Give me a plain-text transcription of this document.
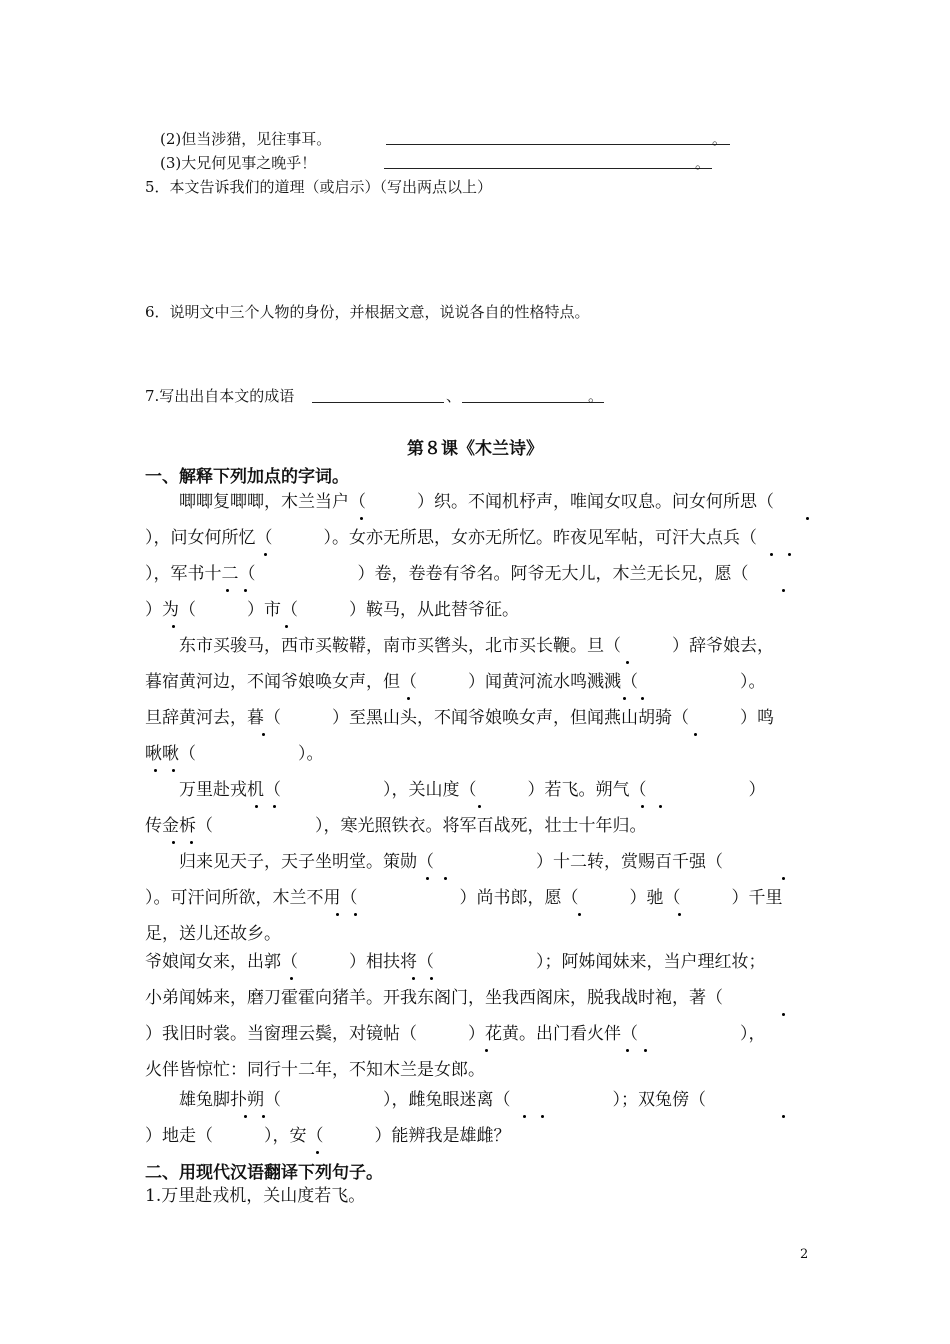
(2)但当涉猎，见往事耳。	。
(3)大兄何见事之晚乎！	。
5．本文告诉我们的道理（或启示）（写出两点以上）
6．说明文中三个人物的身份，并根据文意，说说各自的性格特点。
7.写出出自本文的成语	、	。
第８课《木兰诗》
一、解释下列加点的字词。
　　唧唧复唧唧，木兰当户（　　　）织。不闻机杼声，唯闻女叹息。问女何所思（
），问女何所忆（　　　）。女亦无所思，女亦无所忆。昨夜见军帖，可汗大点兵（
），军书十二（　　　　　　）卷，卷卷有爷名。阿爷无大儿，木兰无长兄，愿（
）为（　　　）市（　　　）鞍马，从此替爷征。
　　东市买骏马，西市买鞍鞯，南市买辔头，北市买长鞭。旦（　　　）辞爷娘去，
暮宿黄河边，不闻爷娘唤女声，但（　　　）闻黄河流水鸣溅溅（　　　　　　）。
旦辞黄河去，暮（　　　）至黑山头，不闻爷娘唤女声，但闻燕山胡骑（　　　）鸣
啾啾（　　　　　　）。
　　万里赴戎机（　　　　　　），关山度（　　　）若飞。朔气（　　　　　　）
传金柝（　　　　　　），寒光照铁衣。将军百战死，壮士十年归。
　　归来见天子，天子坐明堂。策勋（　　　　　　）十二转，赏赐百千强（
）。可汗问所欲，木兰不用（　　　　　　）尚书郎，愿（　　　）驰（　　　）千里
足，送儿还故乡。
爷娘闻女来，出郭（　　　）相扶将（　　　　　　）；阿姊闻妹来，当户理红妆；
小弟闻姊来，磨刀霍霍向猪羊。开我东阁门，坐我西阁床，脱我战时袍，著（
）我旧时裳。当窗理云鬓，对镜帖（　　　）花黄。出门看火伴（　　　　　　），
火伴皆惊忙：同行十二年，不知木兰是女郎。
　　雄兔脚扑朔（　　　　　　），雌兔眼迷离（　　　　　　）；双兔傍（
）地走（　　　），安（　　　）能辨我是雄雌？
二、用现代汉语翻译下列句子。
1.万里赴戎机，关山度若飞。
2
